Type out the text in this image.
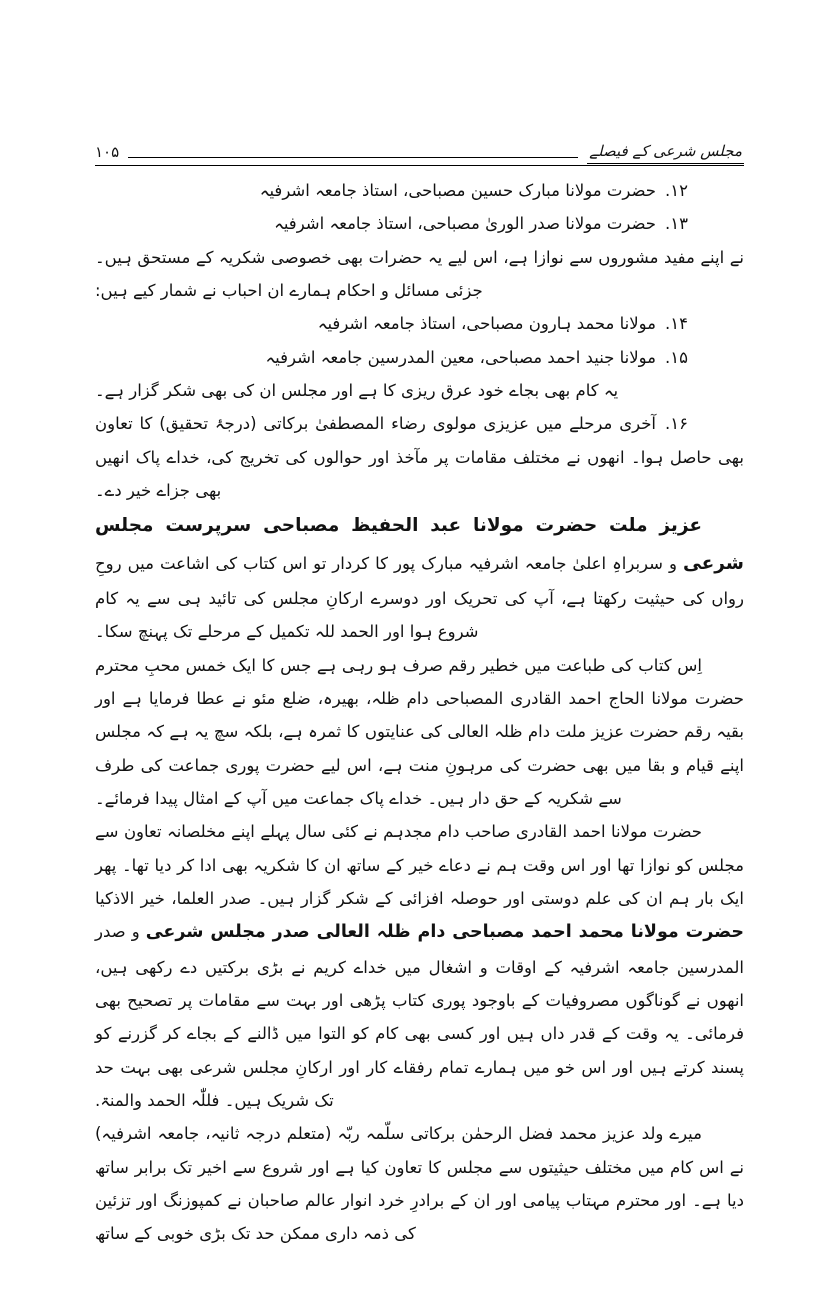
مجلس شرعی کے فیصلے
۱۰۵

۱۲.حضرت مولانا مبارک حسین مصباحی، استاذ جامعہ اشرفیہ

۱۳.حضرت مولانا صدر الوریٰ مصباحی، استاذ جامعہ اشرفیہ

نے اپنے مفید مشوروں سے نوازا ہے، اس لیے یہ حضرات بھی خصوصی شکریہ کے مستحق ہیں۔

جزئی مسائل و احکام ہمارے ان احباب نے شمار کیے ہیں:

۱۴.مولانا محمد ہارون مصباحی، استاذ جامعہ اشرفیہ

۱۵.مولانا جنید احمد مصباحی، معین المدرسین جامعہ اشرفیہ

یہ کام بھی بجاے خود عرق ریزی کا ہے اور مجلس ان کی بھی شکر گزار ہے۔

۱۶.آخری مرحلے میں عزیزی مولوی رضاء المصطفیٰ برکاتی (درجۂ تحقیق) کا تعاون بھی حاصل ہوا۔ انھوں نے مختلف مقامات پر مآخذ اور حوالوں کی تخریج کی، خداے پاک انھیں بھی جزاے خیر دے۔

عزیز ملت حضرت مولانا عبد الحفیظ مصباحی سرپرست مجلس شرعی و سربراہِ اعلیٰ جامعہ اشرفیہ مبارک پور کا کردار تو اس کتاب کی اشاعت میں روحِ رواں کی حیثیت رکھتا ہے، آپ کی تحریک اور دوسرے ارکانِ مجلس کی تائید ہی سے یہ کام شروع ہوا اور الحمد للہ تکمیل کے مرحلے تک پہنچ سکا۔

اِس کتاب کی طباعت میں خطیر رقم صرف ہو رہی ہے جس کا ایک خمس محبِ محترم حضرت مولانا الحاج احمد القادری المصباحی دام ظلہ، بھیرہ، ضلع مئو نے عطا فرمایا ہے اور بقیہ رقم حضرت عزیز ملت دام ظلہ العالی کی عنایتوں کا ثمرہ ہے، بلکہ سچ یہ ہے کہ مجلس اپنے قیام و بقا میں بھی حضرت کی مرہونِ منت ہے، اس لیے حضرت پوری جماعت کی طرف سے شکریہ کے حق دار ہیں۔ خداے پاک جماعت میں آپ کے امثال پیدا فرمائے۔

حضرت مولانا احمد القادری صاحب دام مجدہم نے کئی سال پہلے اپنے مخلصانہ تعاون سے مجلس کو نوازا تھا اور اس وقت ہم نے دعاے خیر کے ساتھ ان کا شکریہ بھی ادا کر دیا تھا۔ پھر ایک بار ہم ان کی علم دوستی اور حوصلہ افزائی کے شکر گزار ہیں۔ صدر العلما، خیر الاذکیا حضرت مولانا محمد احمد مصباحی دام ظلہ العالی صدر مجلس شرعی و صدر المدرسین جامعہ اشرفیہ کے اوقات و اشغال میں خداے کریم نے بڑی برکتیں دے رکھی ہیں، انھوں نے گوناگوں مصروفیات کے باوجود پوری کتاب پڑھی اور بہت سے مقامات پر تصحیح بھی فرمائی۔ یہ وقت کے قدر داں ہیں اور کسی بھی کام کو التوا میں ڈالنے کے بجاے کر گزرنے کو پسند کرتے ہیں اور اس خو میں ہمارے تمام رفقاے کار اور ارکانِ مجلس شرعی بھی بہت حد تک شریک ہیں۔ فللّٰہ الحمد والمنۃ.

میرے ولد عزیز محمد فضل الرحمٰن برکاتی سلّمہ ربّہ (متعلم درجہ ثانیہ، جامعہ اشرفیہ) نے اس کام میں مختلف حیثیتوں سے مجلس کا تعاون کیا ہے اور شروع سے اخیر تک برابر ساتھ دیا ہے۔ اور محترم مہتاب پیامی اور ان کے برادرِ خرد انوار عالم صاحبان نے کمپوزنگ اور تزئین کی ذمہ داری ممکن حد تک بڑی خوبی کے ساتھ
